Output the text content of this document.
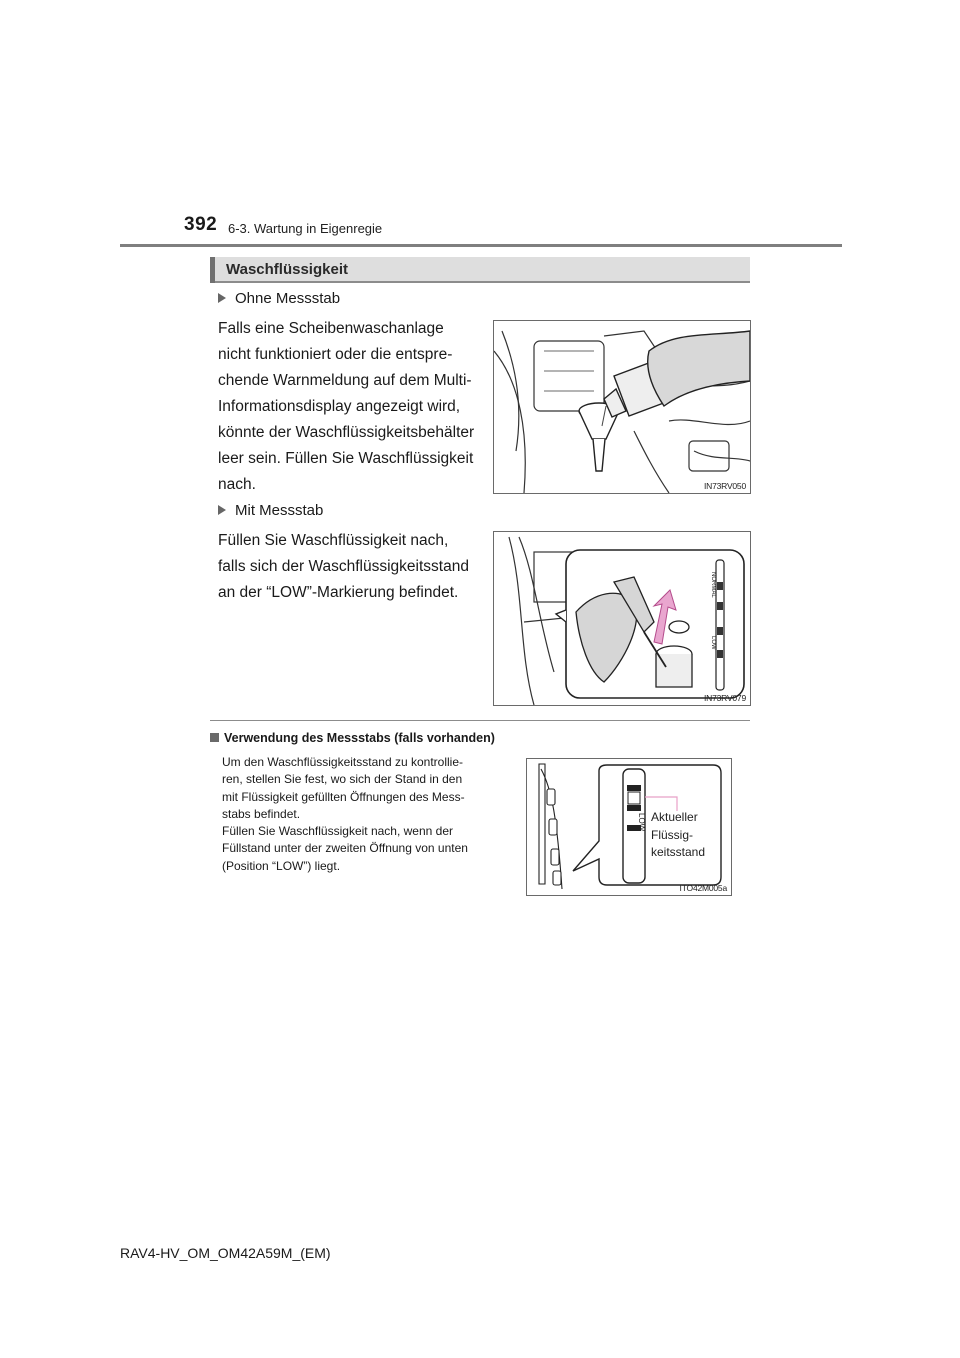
392 6-3. Wartung in Eigenregie
Waschflüssigkeit
Ohne Messstab
Falls eine Scheibenwaschanlage
nicht funktioniert oder die entspre-
chende Warnmeldung auf dem Multi-
Informationsdisplay angezeigt wird,
könnte der Waschflüssigkeitsbehälter
leer sein. Füllen Sie Waschflüssigkeit
nach.	IN73RV050
Mit Messstab
Füllen Sie Waschflüssigkeit nach,
falls sich der Waschflüssigkeitsstand
an der “LOW”-Markierung befindet.	NORMAL
LOW
IN73RV079
Verwendung des Messstabs (falls vorhanden)
Um den Waschflüssigkeitsstand zu kontrollie-
ren, stellen Sie fest, wo sich der Stand in den
mit Flüssigkeit gefüllten Öffnungen des Mess-
stabs befindet.
Füllen Sie Waschflüssigkeit nach, wenn der
Füllstand unter der zweiten Öffnung von unten
(Position “LOW”) liegt.
LOW Aktueller
Flüssig-
keitsstand
ITO42M005a
RAV4-HV_OM_OM42A59M_(EM)
